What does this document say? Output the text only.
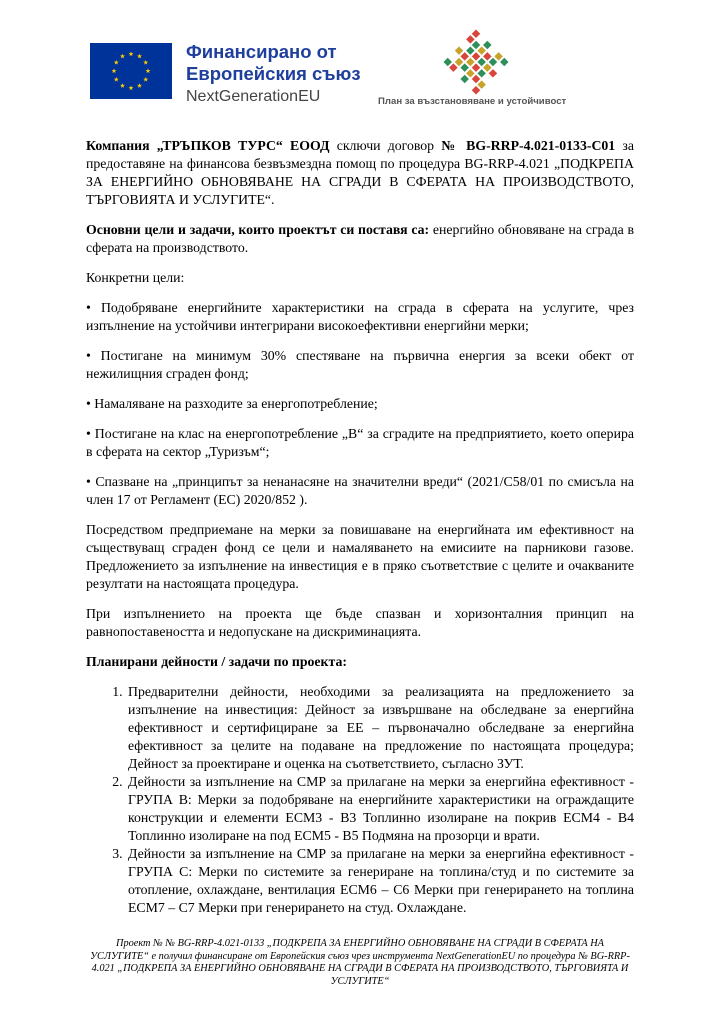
Финансирано от
Европейския съюз
NextGenerationEU	План за възстановяване и устойчивост

Компания „ТРЪПКОВ ТУРС“ ЕООД сключи договор № BG-RRP-4.021-0133-C01 за предоставяне на финансова безвъзмездна помощ по процедура BG-RRP-4.021 „ПОДКРЕПА ЗА ЕНЕРГИЙНО ОБНОВЯВАНЕ НА СГРАДИ В СФЕРАТА НА ПРОИЗВОДСТВОТО, ТЪРГОВИЯТА И УСЛУГИТЕ“.

Основни цели и задачи, които проектът си поставя са: енергийно обновяване на сграда в сферата на производството.

Конкретни цели:

• Подобряване енергийните характеристики на сграда в сферата на услугите, чрез изпълнение на устойчиви интегрирани високоефективни енергийни мерки;

• Постигане на минимум 30% спестяване на първична енергия за всеки обект от нежилищния сграден фонд;

• Намаляване на разходите за енергопотребление;

• Постигане на клас на енергопотребление „В“ за сградите на предприятието, което оперира в сферата на сектор „Туризъм“;

• Спазване на „принципът за ненанасяне на значителни вреди“ (2021/C58/01 по смисъла на член 17 от Регламент (ЕС) 2020/852 ).

Посредством предприемане на мерки за повишаване на енергийната им ефективност на съществуващ сграден фонд се цели и намаляването на емисиите на парникови газове. Предложението за изпълнение на инвестиция е в пряко съответствие с целите и очакваните резултати на настоящата процедура.

При изпълнението на проекта ще бъде спазван и хоризонталния принцип на равнопоставеността и недопускане на дискриминацията.

Планирани дейности / задачи по проекта:

1. Предварителни дейности, необходими за реализацията на предложението за изпълнение на инвестиция: Дейност за извършване на обследване за енергийна ефективност и сертифициране за ЕЕ – първоначално обследване за енергийна ефективност за целите на подаване на предложение по настоящата процедура; Дейност за проектиране и оценка на съответствието, съгласно ЗУТ.
2. Дейности за изпълнение на СМР за прилагане на мерки за енергийна ефективност - ГРУПА B: Мерки за подобряване на енергийните характеристики на ограждащите конструкции и елементи ECM3 - B3 Топлинно изолиране на покрив ECM4 - B4 Топлинно изолиране на под ECM5 - B5 Подмяна на прозорци и врати.
3. Дейности за изпълнение на СМР за прилагане на мерки за енергийна ефективност - ГРУПА C: Мерки по системите за генериране на топлина/студ и по системите за отопление, охлаждане, вентилация ECM6 – C6 Мерки при генерирането на топлина ECM7 – C7 Мерки при генерирането на студ. Охлаждане.
Проект № № BG-RRP-4.021-0133 „ПОДКРЕПА ЗА ЕНЕРГИЙНО ОБНОВЯВАНЕ НА СГРАДИ В СФЕРАТА НА УСЛУГИТЕ“ е получил финансиране от Европейския съюз чрез инструмента NextGenerationEU по процедура № BG-RRP-4.021 „ПОДКРЕПА ЗА ЕНЕРГИЙНО ОБНОВЯВАНЕ НА СГРАДИ В СФЕРАТА НА ПРОИЗВОДСТВОТО, ТЪРГОВИЯТА И УСЛУГИТЕ“
